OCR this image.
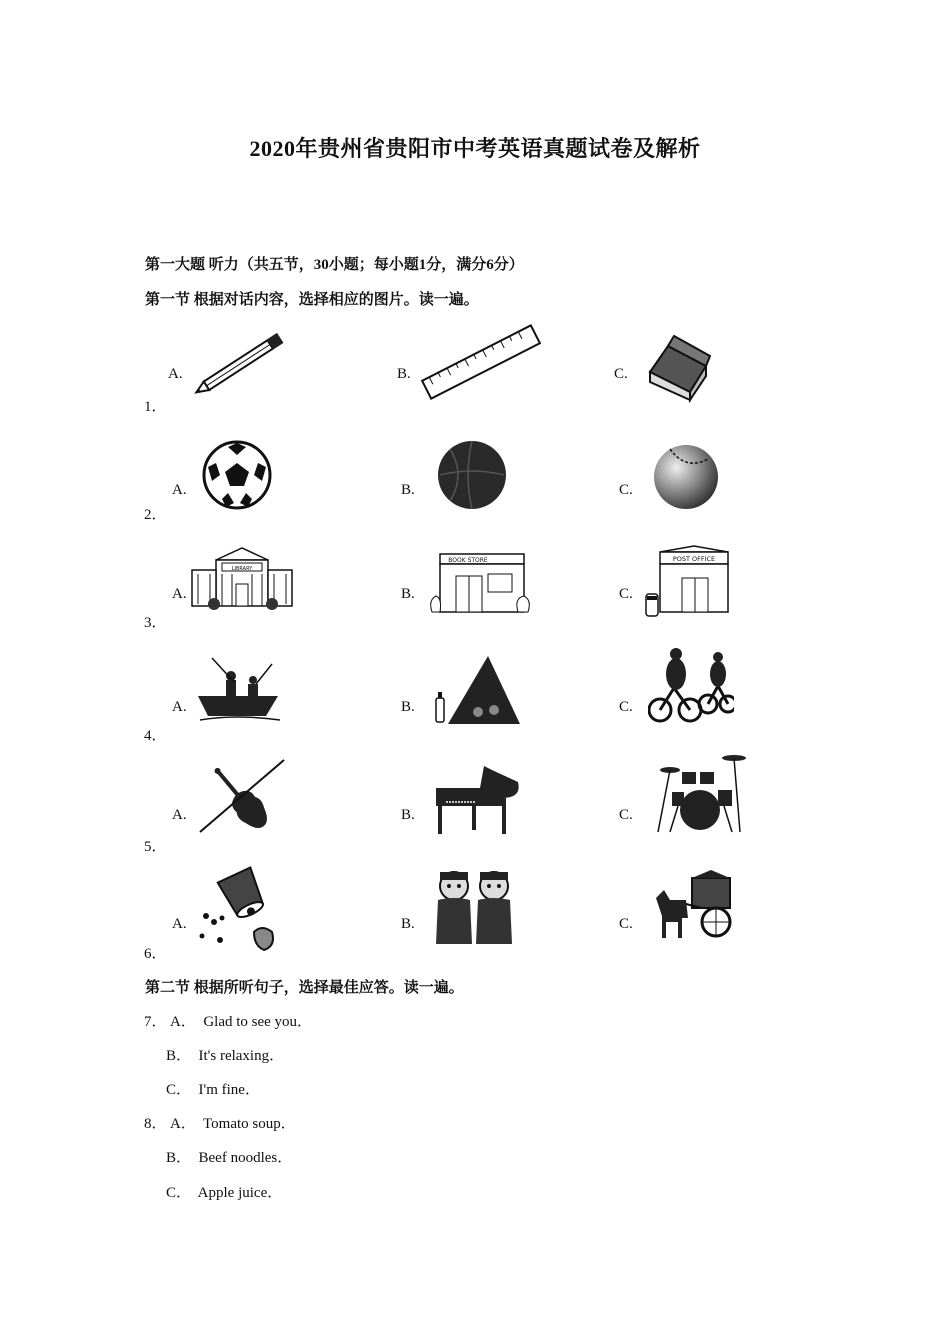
2020年贵州省贵阳市中考英语真题试卷及解析
第一大题 听力（共五节，30小题；每小题1分，满分6分）
第一节 根据对话内容，选择相应的图片。读一遍。
1．
A.	B.	C.
2．
A.	B.	C.
3．
A.
LIBRARY
B.
BOOK STORE
C.
POST OFFICE
4．
A.	B.	C.
5．
A.	B.	C.
6．
A.	B.	C.
第二节 根据所听句子，选择最佳应答。读一遍。
7． A．  Glad to see you．
B．  It's relaxing．
C．  I'm fine．
8． A．  Tomato soup．
B．  Beef noodles．
C．  Apple juice．
